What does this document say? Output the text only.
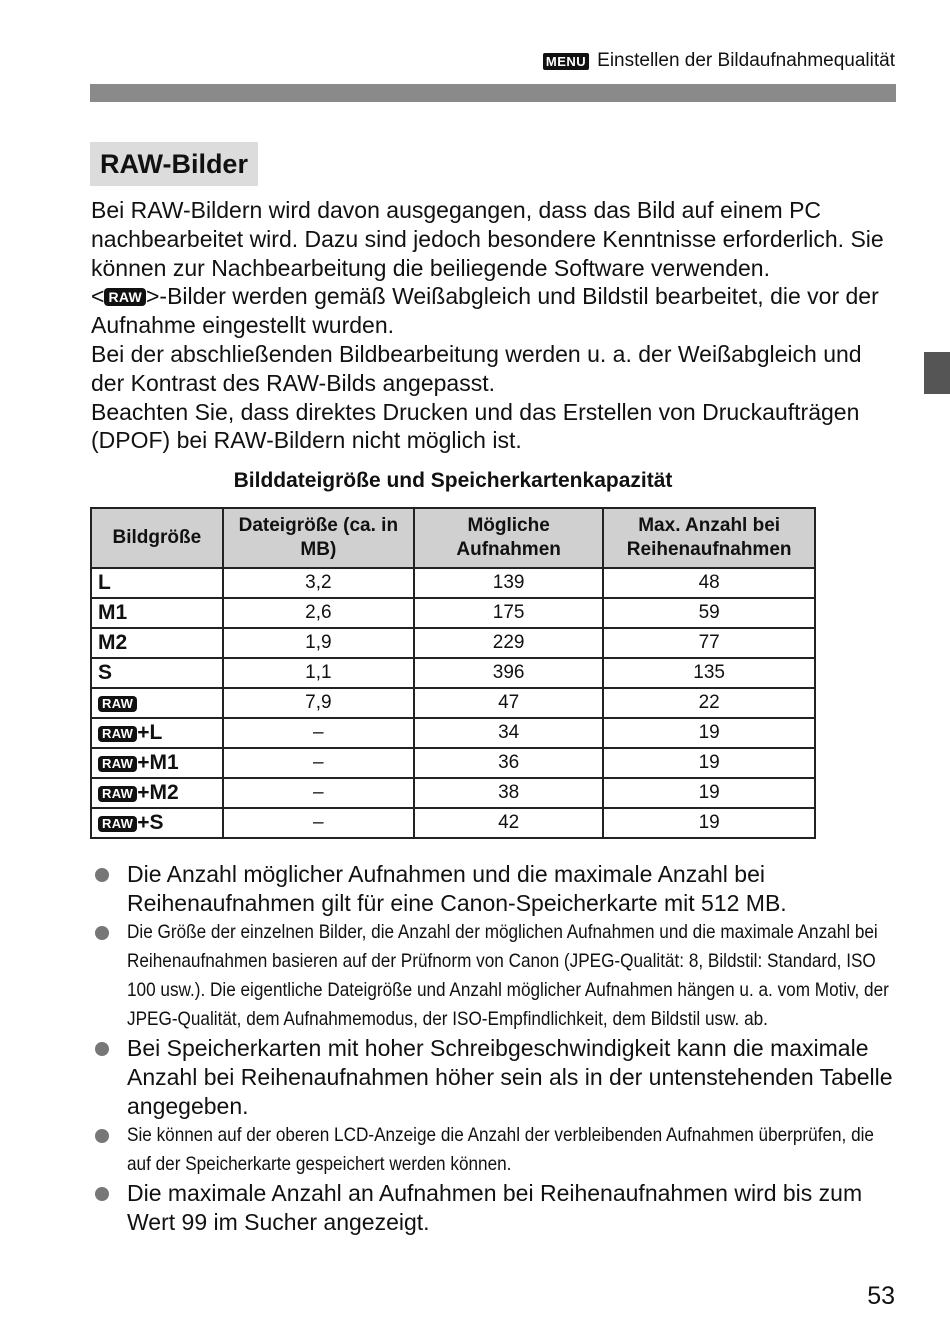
MENU Einstellen der Bildaufnahmequalität
RAW-Bilder

Bei RAW-Bildern wird davon ausgegangen, dass das Bild auf einem PC nachbearbeitet wird. Dazu sind jedoch besondere Kenntnisse erforderlich. Sie können zur Nachbearbeitung die beiliegende Software verwenden.

< RAW >-Bilder werden gemäß Weißabgleich und Bildstil bearbeitet, die vor der Aufnahme eingestellt wurden.

Bei der abschließenden Bildbearbeitung werden u. a. der Weißabgleich und der Kontrast des RAW-Bilds angepasst.

Beachten Sie, dass direktes Drucken und das Erstellen von Druckaufträgen (DPOF) bei RAW-Bildern nicht möglich ist.

Bilddateigröße und Speicherkartenkapazität
Bildgröße	Dateigröße (ca. in MB)	Mögliche Aufnahmen	Max. Anzahl bei Reihenaufnahmen
L	3,2	139	48
M1	2,6	175	59
M2	1,9	229	77
S	1,1	396	135
RAW	7,9	47	22
RAW +L	–	34	19
RAW +M1	–	36	19
RAW +M2	–	38	19
RAW +S	–	42	19
Die Anzahl möglicher Aufnahmen und die maximale Anzahl bei Reihenaufnahmen gilt für eine Canon-Speicherkarte mit 512 MB.
Die Größe der einzelnen Bilder, die Anzahl der möglichen Aufnahmen und die maximale Anzahl bei Reihenaufnahmen basieren auf der Prüfnorm von Canon (JPEG-Qualität: 8, Bildstil: Standard, ISO 100 usw.). Die eigentliche Dateigröße und Anzahl möglicher Aufnahmen hängen u. a. vom Motiv, der JPEG-Qualität, dem Aufnahmemodus, der ISO-Empfindlichkeit, dem Bildstil usw. ab.
Bei Speicherkarten mit hoher Schreibgeschwindigkeit kann die maximale Anzahl bei Reihenaufnahmen höher sein als in der untenstehenden Tabelle angegeben.
Sie können auf der oberen LCD-Anzeige die Anzahl der verbleibenden Aufnahmen überprüfen, die auf der Speicherkarte gespeichert werden können.
Die maximale Anzahl an Aufnahmen bei Reihenaufnahmen wird bis zum Wert 99 im Sucher angezeigt.
53
